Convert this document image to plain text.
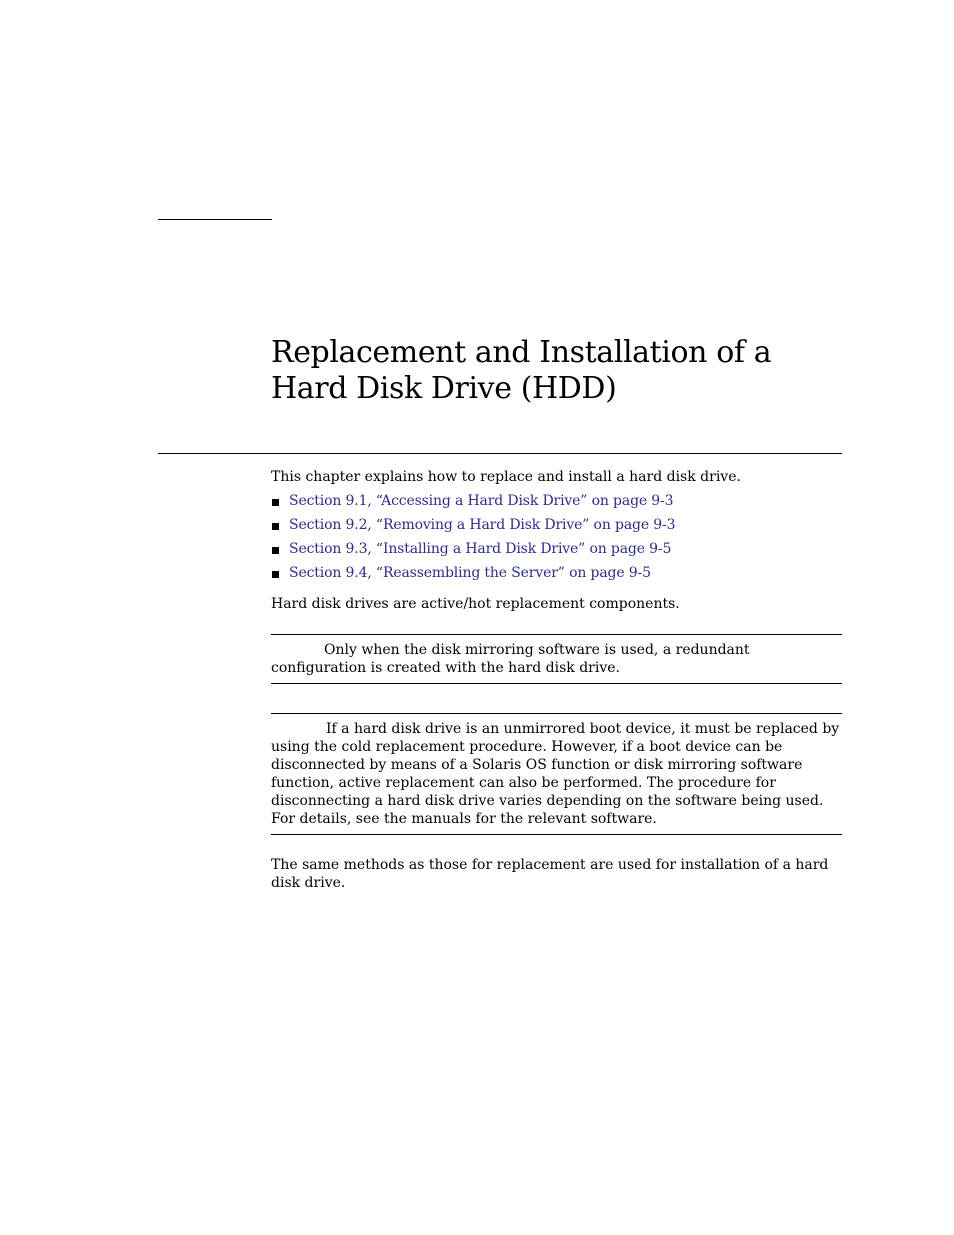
Replacement and Installation of a
Hard Disk Drive (HDD)

This chapter explains how to replace and install a hard disk drive.

Section 9.1, “Accessing a Hard Disk Drive” on page 9-3
Section 9.2, “Removing a Hard Disk Drive” on page 9-3
Section 9.3, “Installing a Hard Disk Drive” on page 9-5
Section 9.4, “Reassembling the Server” on page 9-5

Hard disk drives are active/hot replacement components.

Only when the disk mirroring software is used, a redundant configuration is created with the hard disk drive.

If a hard disk drive is an unmirrored boot device, it must be replaced by using the cold replacement procedure. However, if a boot device can be disconnected by means of a Solaris OS function or disk mirroring software function, active replacement can also be performed. The procedure for disconnecting a hard disk drive varies depending on the software being used. For details, see the manuals for the relevant software.

The same methods as those for replacement are used for installation of a hard disk drive.
